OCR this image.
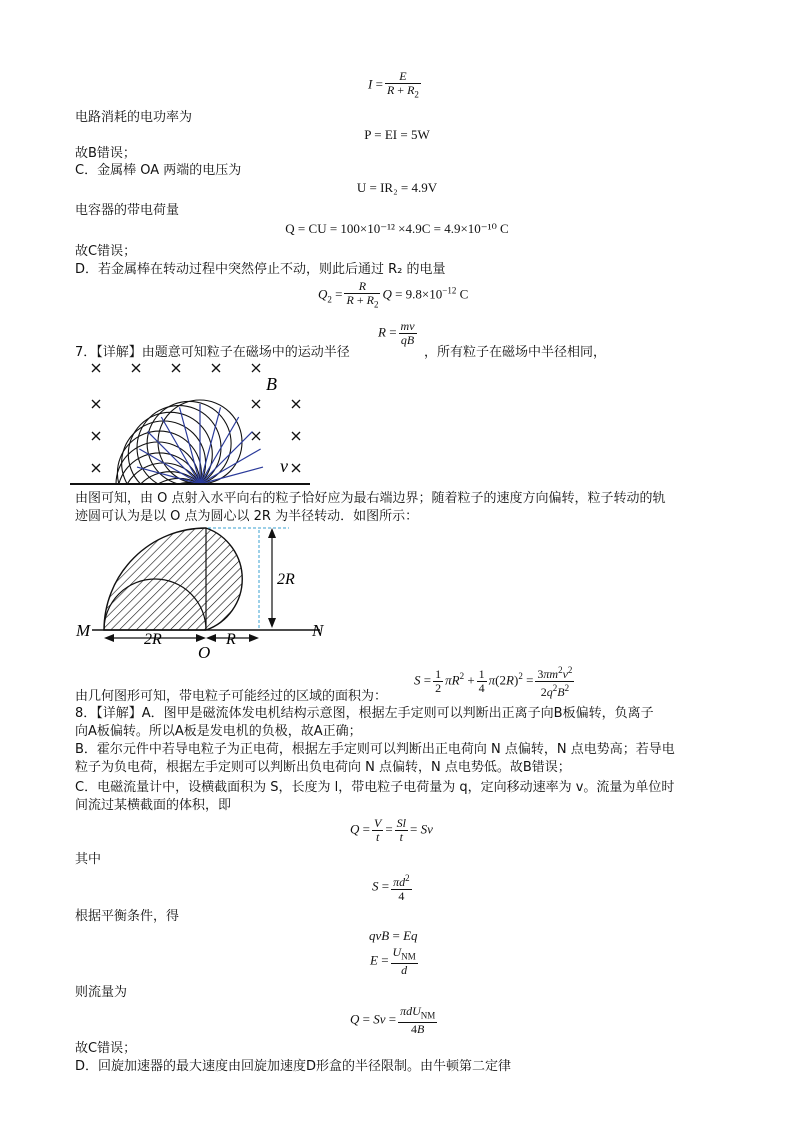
$I = \frac{E}{R + R_2}$
电路消耗的电功率为
P = EI = 5W
故B错误；
C．金属棒 OA 两端的电压为
U = IR₂ = 4.9V
电容器的带电荷量
Q = CU = 100×10⁻¹² ×4.9C = 4.9×10⁻¹⁰ C
故C错误；
D．若金属棒在转动过程中突然停止不动，则此后通过 R₂ 的电量
$Q_2 = \frac{R}{R + R_2}$ $Q = 9.8\times 10^{-12}$ C
$R = \frac{mv}{qB}$
7．【详解】由题意可知粒子在磁场中的运动半径	，所有粒子在磁场中半径相同，
B
v
由图可知，由 O 点射入水平向右的粒子恰好应为最右端边界；随着粒子的速度方向偏转，粒子转动的轨
迹圆可认为是以 O 点为圆心以 2R 为半径转动．如图所示：
M	N
O
2R	R
2R
$S = \frac{1}{2} \pi R^2 + \frac{1}{4} \pi(2R)^2 = \frac{3\pi m^2v^2}{2q^2B^2}$
由几何图形可知，带电粒子可能经过的区域的面积为：
8．【详解】A．图甲是磁流体发电机结构示意图，根据左手定则可以判断出正离子向B板偏转，负离子
向A板偏转。所以A板是发电机的负极，故A正确；
B．霍尔元件中若导电粒子为正电荷，根据左手定则可以判断出正电荷向 N 点偏转，N 点电势高；若导电
粒子为负电荷，根据左手定则可以判断出负电荷向 N 点偏转，N 点电势低。故B错误；
C．电磁流量计中，设横截面积为 S，长度为 l，带电粒子电荷量为 q，定向移动速率为 v。流量为单位时
间流过某横截面的体积，即
$Q = \frac{V}{t} = \frac{Sl}{t} = Sv$
其中
$S = \frac{\pi d^2}{4}$
根据平衡条件，得
qvB = Eq
$E = \frac{U_{NM}}{d}$
则流量为
$Q = Sv = \frac{\pi dU_{NM}}{4B}$
故C错误；
D．回旋加速器的最大速度由回旋加速度D形盒的半径限制。由牛顿第二定律
